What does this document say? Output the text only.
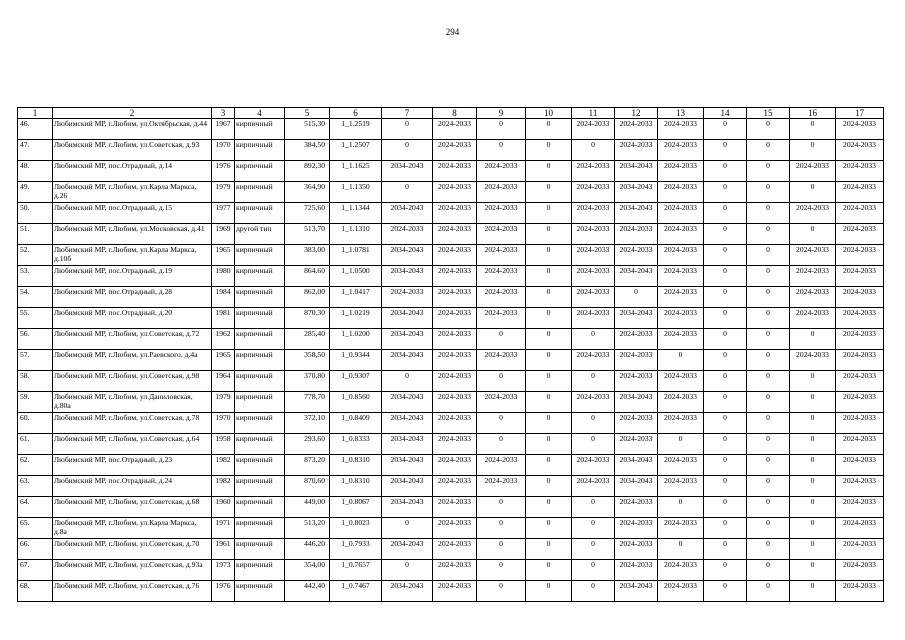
294
1	2	3	4	5	6	7	8	9	10	11	12	13	14	15	16	17
46.	Любимский МР, г.Любим, ул.Октябрьская, д.44	1967	кирпичный	515,30	1_1.2519	0	2024-2033	0	0	2024-2033	2024-2033	2024-2033	0	0	0	2024-2033
47.	Любимский МР, г.Любим, ул.Советская, д.93	1970	кирпичный	384,50	1_1.2507	0	2024-2033	0	0	0	2024-2033	2024-2033	0	0	0	2024-2033
48.	Любимский МР, пос.Отрадный, д.14	1976	кирпичный	892,30	1_1.1625	2034-2043	2024-2033	2024-2033	0	2024-2033	2034-2043	2024-2033	0	0	2024-2033	2024-2033
49.	Любимский МР, г.Любим, ул.Карла Маркса, д.26	1979	кирпичный	364,90	1_1.1350	0	2024-2033	2024-2033	0	2024-2033	2034-2043	2024-2033	0	0	0	2024-2033
50.	Любимский МР, пос.Отрадный, д.15	1977	кирпичный	725,60	1_1.1344	2034-2043	2024-2033	2024-2033	0	2024-2033	2034-2043	2024-2033	0	0	2024-2033	2024-2033
51.	Любимский МР, г.Любим, ул.Московская, д.41	1969	другой тип	513,70	1_1.1310	2024-2033	2024-2033	2024-2033	0	2024-2033	2024-2033	2024-2033	0	0	0	2024-2033
52.	Любимский МР, г.Любим, ул.Карла Маркса, д.10б	1965	кирпичный	383,00	1_1.0781	2034-2043	2024-2033	2024-2033	0	2024-2033	2024-2033	2024-2033	0	0	2024-2033	2024-2033
53.	Любимский МР, пос.Отрадный, д.19	1980	кирпичный	864,60	1_1.0500	2034-2043	2024-2033	2024-2033	0	2024-2033	2034-2043	2024-2033	0	0	2024-2033	2024-2033
54.	Любимский МР, пос.Отрадный, д.28	1984	кирпичный	862,00	1_1.0417	2024-2033	2024-2033	2024-2033	0	2024-2033	0	2024-2033	0	0	2024-2033	2024-2033
55.	Любимский МР, пос.Отрадный, д.20	1981	кирпичный	870,30	1_1.0219	2034-2043	2024-2033	2024-2033	0	2024-2033	2034-2043	2024-2033	0	0	2024-2033	2024-2033
56.	Любимский МР, г.Любим, ул.Советская, д.72	1962	кирпичный	285,40	1_1.0200	2034-2043	2024-2033	0	0	0	2024-2033	2024-2033	0	0	0	2024-2033
57.	Любимский МР, г.Любим, ул.Раевского, д.4а	1965	кирпичный	358,50	1_0.9344	2034-2043	2024-2033	2024-2033	0	2024-2033	2024-2033	0	0	0	2024-2033	2024-2033
58.	Любимский МР, г.Любим, ул.Советская, д.98	1964	кирпичный	370,80	1_0.9307	0	2024-2033	0	0	0	2024-2033	2024-2033	0	0	0	2024-2033
59.	Любимский МР, г.Любим, ул.Даниловская, д.80а	1979	кирпичный	778,70	1_0.8560	2034-2043	2024-2033	2024-2033	0	2024-2033	2034-2043	2024-2033	0	0	0	2024-2033
60.	Любимский МР, г.Любим, ул.Советская, д.78	1970	кирпичный	372,10	1_0.8409	2034-2043	2024-2033	0	0	0	2024-2033	2024-2033	0	0	0	2024-2033
61.	Любимский МР, г.Любим, ул.Советская, д.64	1958	кирпичный	293,60	1_0.8333	2034-2043	2024-2033	0	0	0	2024-2033	0	0	0	0	2024-2033
62.	Любимский МР, пос.Отрадный, д.23	1982	кирпичный	873,20	1_0.8310	2034-2043	2024-2033	2024-2033	0	2024-2033	2034-2043	2024-2033	0	0	0	2024-2033
63.	Любимский МР, пос.Отрадный, д.24	1982	кирпичный	870,60	1_0.8310	2034-2043	2024-2033	2024-2033	0	2024-2033	2034-2043	2024-2033	0	0	0	2024-2033
64.	Любимский МР, г.Любим, ул.Советская, д.68	1960	кирпичный	449,00	1_0.8067	2034-2043	2024-2033	0	0	0	2024-2033	0	0	0	0	2024-2033
65.	Любимский МР, г.Любим, ул.Карла Маркса, д.8а	1971	кирпичный	513,20	1_0.8023	0	2024-2033	0	0	0	2024-2033	2024-2033	0	0	0	2024-2033
66.	Любимский МР, г.Любим, ул.Советская, д.70	1961	кирпичный	446,20	1_0.7933	2034-2043	2024-2033	0	0	0	2024-2033	0	0	0	0	2024-2033
67.	Любимский МР, г.Любим, ул.Советская, д.93а	1973	кирпичный	354,00	1_0.7657	0	2024-2033	0	0	0	2024-2033	2024-2033	0	0	0	2024-2033
68.	Любимский МР, г.Любим, ул.Советская, д.76	1976	кирпичный	442,40	1_0.7467	2034-2043	2024-2033	0	0	0	2034-2043	2024-2033	0	0	0	2024-2033
